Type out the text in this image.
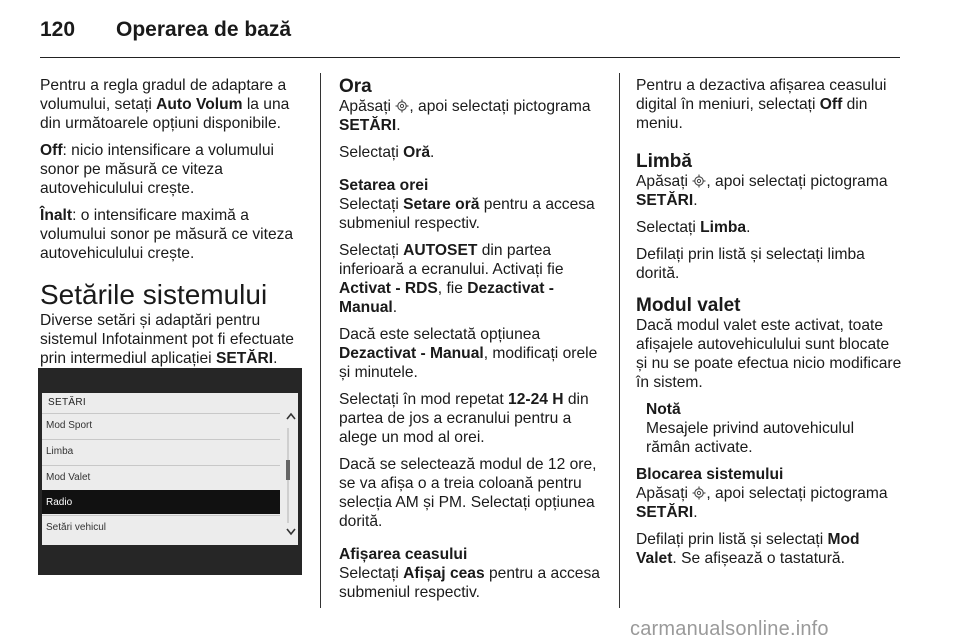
120 Operarea de bază

Pentru a regla gradul de adaptare a volumului, setați Auto Volum la una din următoarele opțiuni disponibile.

Off: nicio intensificare a volumului sonor pe măsură ce viteza autovehiculului crește.

Înalt: o intensificare maximă a volumului sonor pe măsură ce viteza autovehiculului crește.

Setările sistemului

Diverse setări și adaptări pentru sistemul Infotainment pot fi efectuate prin intermediul aplicației SETĂRI.

SETĂRI
Mod Sport
Limba
Mod Valet
Radio
Setări vehicul
Ora

Apăsați , apoi selectați pictograma SETĂRI.

Selectați Oră.

Setarea orei

Selectați Setare oră pentru a accesa submeniul respectiv.

Selectați AUTOSET din partea inferioară a ecranului. Activați fie Activat - RDS, fie Dezactivat - Manual.

Dacă este selectată opțiunea Dezactivat - Manual, modificați orele și minutele.

Selectați în mod repetat 12-24 H din partea de jos a ecranului pentru a alege un mod al orei.

Dacă se selectează modul de 12 ore, se va afișa o a treia coloană pentru selecția AM și PM. Selectați opțiunea dorită.

Afișarea ceasului

Selectați Afișaj ceas pentru a accesa submeniul respectiv.

Pentru a dezactiva afișarea ceasului digital în meniuri, selectați Off din meniu.

Limbă

Apăsați , apoi selectați pictograma SETĂRI.

Selectați Limba.

Defilați prin listă și selectați limba dorită.

Modul valet

Dacă modul valet este activat, toate afișajele autovehiculului sunt blocate și nu se poate efectua nicio modificare în sistem.

Notă

Mesajele privind autovehiculul rămân activate.

Blocarea sistemului

Apăsați , apoi selectați pictograma SETĂRI.

Defilați prin listă și selectați Mod Valet. Se afișează o tastatură.

carmanualsonline.info
